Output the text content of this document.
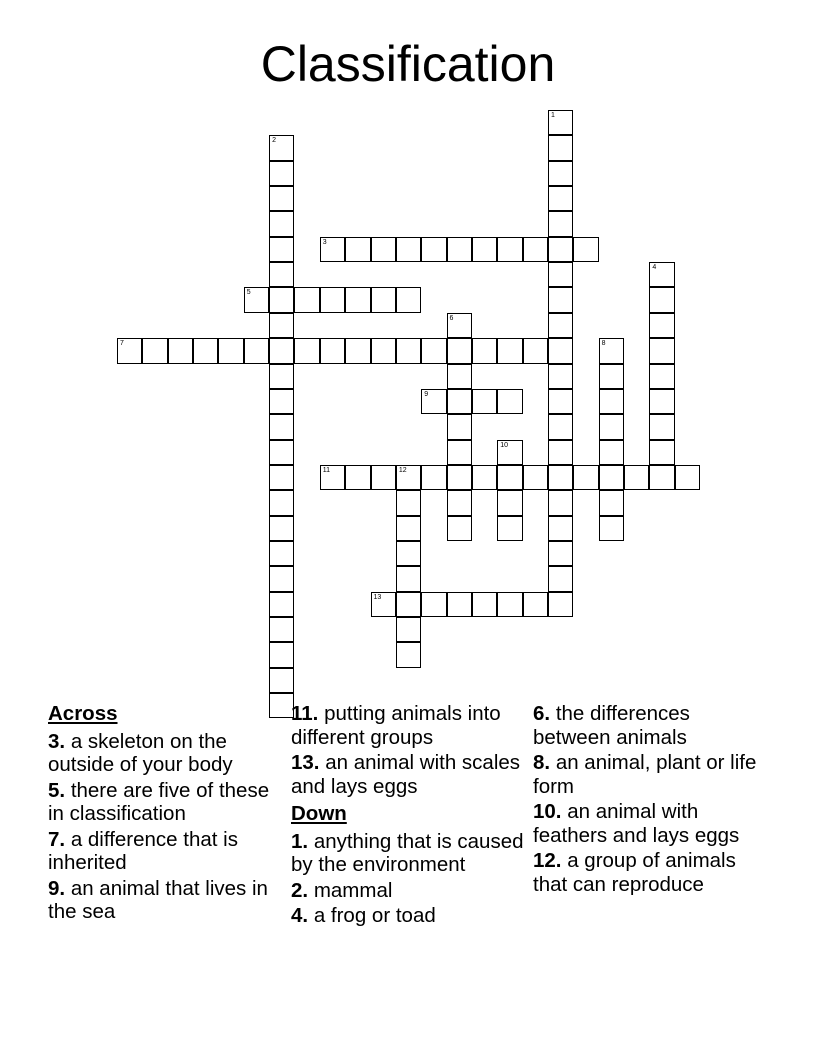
Classification
1
2
3
4
5
6
7	8
9
10
11	12
13
Across
3. a skeleton on the outside of your body
5. there are five of these in classification
7. a difference that is inherited
9. an animal that lives in the sea
11. putting animals into different groups
13. an animal with scales and lays eggs
Down
1. anything that is caused by the environment
2. mammal
4. a frog or toad
6. the differences between animals
8. an animal, plant or life form
10. an animal with feathers and lays eggs
12. a group of animals that can reproduce
